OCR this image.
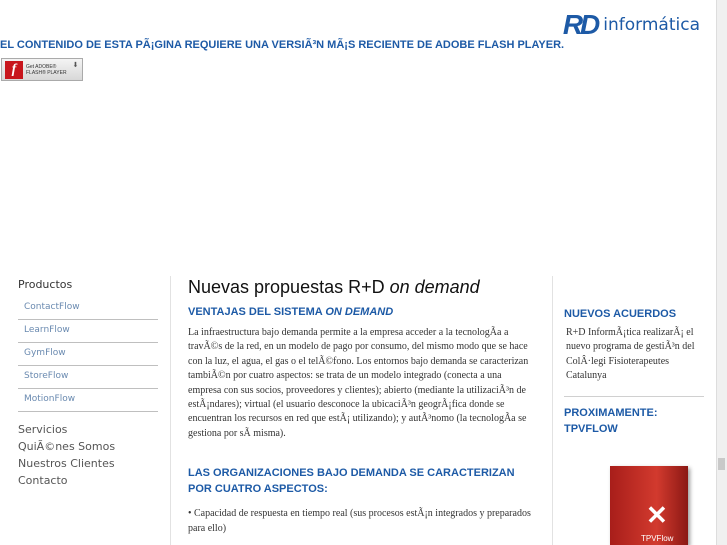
RD informática
EL CONTENIDO DE ESTA PÃ¡GINA REQUIERE UNA VERSIÃ³N MÃ¡S RECIENTE DE ADOBE FLASH PLAYER.
f	Get ADOBE®
FLASH® PLAYER
⬇
Productos
ContactFlow
LearnFlow
GymFlow
StoreFlow
MotionFlow
Servicios
QuiÃ©nes Somos
Nuestros Clientes
Contacto
Nuevas propuestas R+D on demand
VENTAJAS DEL SISTEMA ON DEMAND
La infraestructura bajo demanda permite a la empresa acceder a la tecnologÃa a travÃ©s de la red, en un modelo de pago por consumo, del mismo modo que se hace con la luz, el agua, el gas o el telÃ©fono. Los entornos bajo demanda se caracterizan tambiÃ©n por cuatro aspectos: se trata de un modelo integrado (conecta a una empresa con sus socios, proveedores y clientes); abierto (mediante la utilizaciÃ³n de estÃ¡ndares); virtual (el usuario desconoce la ubicaciÃ³n geogrÃ¡fica donde se encuentran los recursos en red que estÃ¡ utilizando); y autÃ³nomo (la tecnologÃa se gestiona por sÃ misma).
LAS ORGANIZACIONES BAJO DEMANDA SE CARACTERIZAN POR CUATRO ASPECTOS:
• Capacidad de respuesta en tiempo real (sus procesos estÃ¡n integrados y preparados para ello)
NUEVOS ACUERDOS
R+D InformÃ¡tica realizarÃ¡ el nuevo programa de gestiÃ³n del ColÂ·legi Fisioterapeutes Catalunya
PROXIMAMENTE: TPVFLOW
✕
TPVFlow
